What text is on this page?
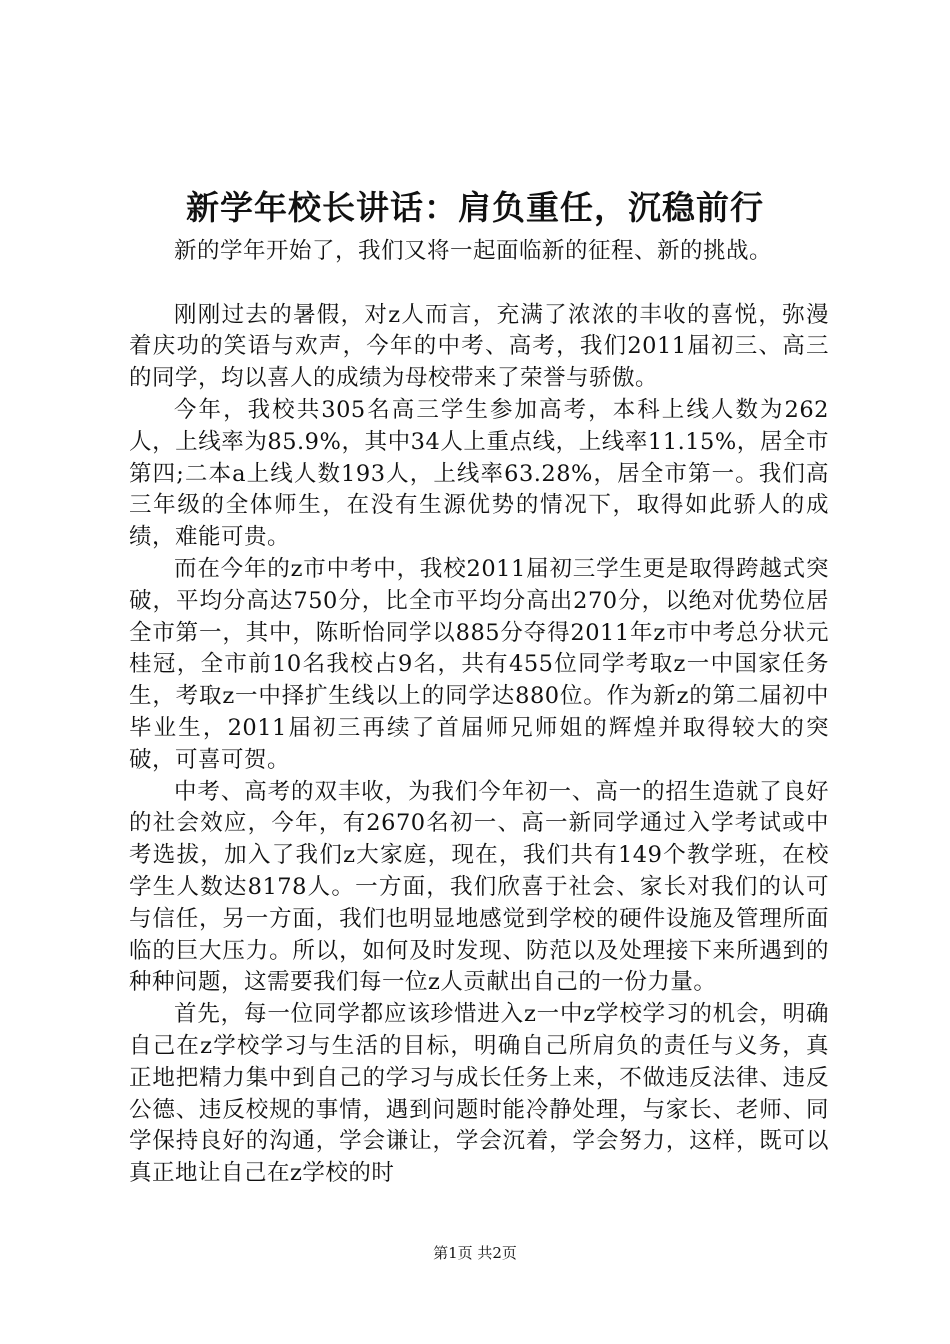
新学年校长讲话：肩负重任，沉稳前行

新的学年开始了，我们又将一起面临新的征程、新的挑战。

刚刚过去的暑假，对z人而言，充满了浓浓的丰收的喜悦，弥漫着庆功的笑语与欢声，今年的中考、高考，我们2011届初三、高三的同学，均以喜人的成绩为母校带来了荣誉与骄傲。

今年，我校共305名高三学生参加高考，本科上线人数为262人，上线率为85.9%，其中34人上重点线，上线率11.15%，居全市第四;二本a上线人数193人，上线率63.28%，居全市第一。我们高三年级的全体师生，在没有生源优势的情况下，取得如此骄人的成绩，难能可贵。

而在今年的z市中考中，我校2011届初三学生更是取得跨越式突破，平均分高达750分，比全市平均分高出270分，以绝对优势位居全市第一，其中，陈昕怡同学以885分夺得2011年z市中考总分状元桂冠，全市前10名我校占9名，共有455位同学考取z一中国家任务生，考取z一中择扩生线以上的同学达880位。作为新z的第二届初中毕业生，2011届初三再续了首届师兄师姐的辉煌并取得较大的突破，可喜可贺。

中考、高考的双丰收，为我们今年初一、高一的招生造就了良好的社会效应，今年，有2670名初一、高一新同学通过入学考试或中考选拔，加入了我们z大家庭，现在，我们共有149个教学班，在校学生人数达8178人。一方面，我们欣喜于社会、家长对我们的认可与信任，另一方面，我们也明显地感觉到学校的硬件设施及管理所面临的巨大压力。所以，如何及时发现、防范以及处理接下来所遇到的种种问题，这需要我们每一位z人贡献出自己的一份力量。

首先，每一位同学都应该珍惜进入z一中z学校学习的机会，明确自己在z学校学习与生活的目标，明确自己所肩负的责任与义务，真正地把精力集中到自己的学习与成长任务上来，不做违反法律、违反公德、违反校规的事情，遇到问题时能冷静处理，与家长、老师、同学保持良好的沟通，学会谦让，学会沉着，学会努力，这样，既可以真正地让自己在z学校的时

第1页 共2页
